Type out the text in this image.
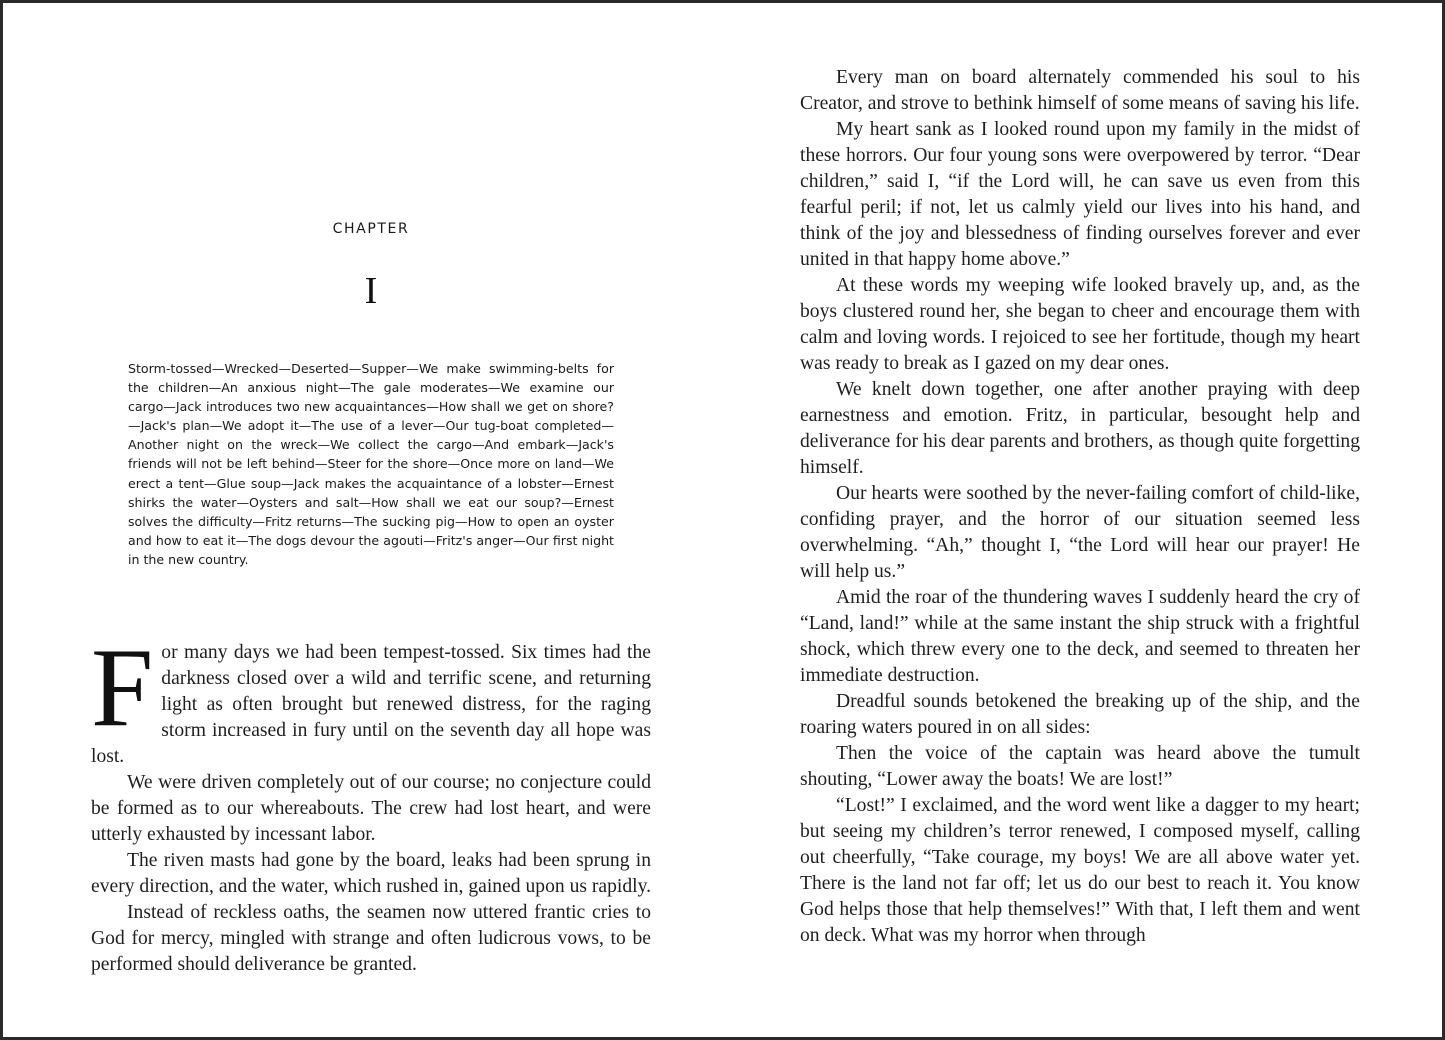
CHAPTER
I

Storm-tossed—Wrecked—Deserted—Supper—We make swimming-belts for the children—An anxious night—The gale moderates—We examine our cargo—Jack introduces two new acquaintances—How shall we get on shore?—Jack's plan—We adopt it—The use of a lever—Our tug-boat completed—Another night on the wreck—We collect the cargo—And embark—Jack's friends will not be left behind—Steer for the shore—Once more on land—We erect a tent—Glue soup—Jack makes the acquaintance of a lobster—Ernest shirks the water—Oysters and salt—How shall we eat our soup?—Ernest solves the difficulty—Fritz returns—The sucking pig—How to open an oyster and how to eat it—The dogs devour the agouti—Fritz's anger—Our first night in the new country.

For many days we had been tempest-tossed. Six times had the darkness closed over a wild and terrific scene, and returning light as often brought but renewed distress, for the raging storm increased in fury until on the seventh day all hope was lost.

We were driven completely out of our course; no conjecture could be formed as to our whereabouts. The crew had lost heart, and were utterly exhausted by incessant labor.

The riven masts had gone by the board, leaks had been sprung in every direction, and the water, which rushed in, gained upon us rapidly.

Instead of reckless oaths, the seamen now uttered frantic cries to God for mercy, mingled with strange and often ludicrous vows, to be performed should deliverance be granted.

Every man on board alternately commended his soul to his Creator, and strove to bethink himself of some means of saving his life.

My heart sank as I looked round upon my family in the midst of these horrors. Our four young sons were overpowered by terror. “Dear children,” said I, “if the Lord will, he can save us even from this fearful peril; if not, let us calmly yield our lives into his hand, and think of the joy and blessedness of finding ourselves forever and ever united in that happy home above.”

At these words my weeping wife looked bravely up, and, as the boys clustered round her, she began to cheer and encourage them with calm and loving words. I rejoiced to see her fortitude, though my heart was ready to break as I gazed on my dear ones.

We knelt down together, one after another praying with deep earnestness and emotion. Fritz, in particular, besought help and deliverance for his dear parents and brothers, as though quite forgetting himself.

Our hearts were soothed by the never-failing comfort of child-like, confiding prayer, and the horror of our situation seemed less overwhelming. “Ah,” thought I, “the Lord will hear our prayer! He will help us.”

Amid the roar of the thundering waves I suddenly heard the cry of “Land, land!” while at the same instant the ship struck with a frightful shock, which threw every one to the deck, and seemed to threaten her immediate destruction.

Dreadful sounds betokened the breaking up of the ship, and the roaring waters poured in on all sides:

Then the voice of the captain was heard above the tumult shouting, “Lower away the boats! We are lost!”

“Lost!” I exclaimed, and the word went like a dagger to my heart; but seeing my children’s terror renewed, I composed myself, calling out cheerfully, “Take courage, my boys! We are all above water yet. There is the land not far off; let us do our best to reach it. You know God helps those that help themselves!” With that, I left them and went on deck. What was my horror when through
